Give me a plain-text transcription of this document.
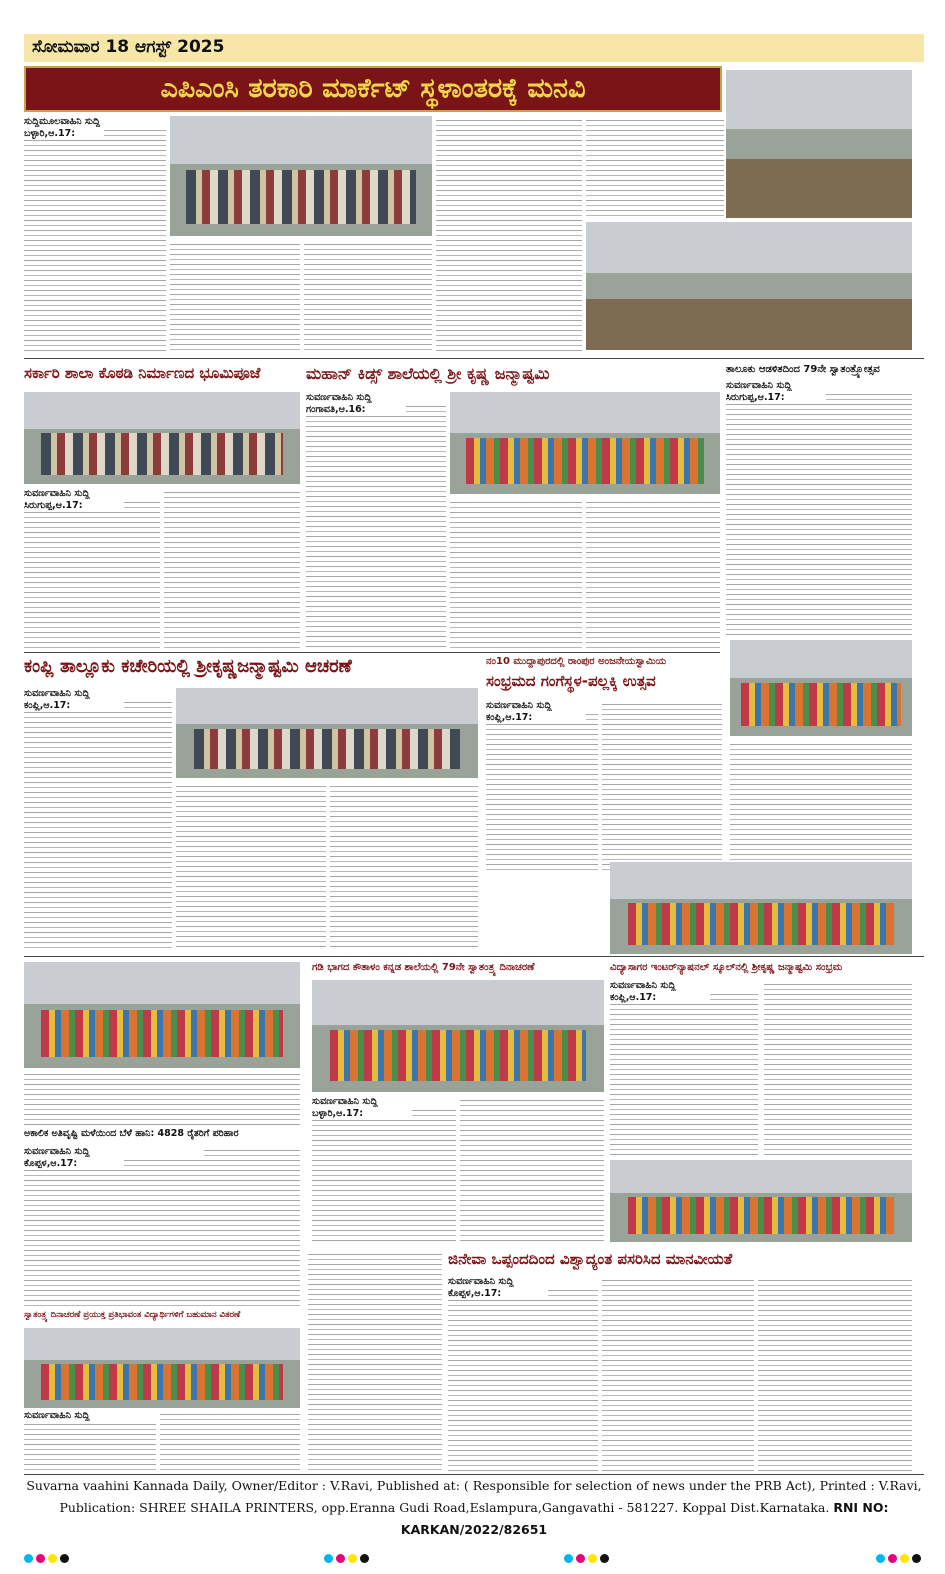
ಸೋಮವಾರ 18 ಆಗಸ್ಟ್ 2025
ಎಪಿಎಂಸಿ ತರಕಾರಿ ಮಾರ್ಕೆಟ್ ಸ್ಥಳಾಂತರಕ್ಕೆ ಮನವಿ
ಸುದ್ದಿಮೂಲವಾಹಿನಿ ಸುದ್ದಿ
ಬಳ್ಳಾರಿ,ಆ.17:
ಸರ್ಕಾರಿ ಶಾಲಾ ಕೊಠಡಿ ನಿರ್ಮಾಣದ ಭೂಮಿಪೂಜೆ
ಸುವರ್ಣವಾಹಿನಿ ಸುದ್ದಿ
ಸಿರುಗುಪ್ಪ,ಆ.17:
ಮಹಾನ್ ಕಿಡ್ಸ್ ಶಾಲೆಯಲ್ಲಿ ಶ್ರೀ ಕೃಷ್ಣ ಜನ್ಮಾಷ್ಟಮಿ
ಸುವರ್ಣವಾಹಿನಿ ಸುದ್ದಿ
ಗಂಗಾವತಿ,ಆ.16:
ತಾಲೂಕು ಆಡಳಿತದಿಂದ 79ನೇ ಸ್ವಾತಂತ್ರ್ಯೋತ್ಸವ
ಸುವರ್ಣವಾಹಿನಿ ಸುದ್ದಿ
ಸಿರುಗುಪ್ಪ,ಆ.17:
ಕಂಪ್ಲಿ ತಾಲ್ಲೂಕು ಕಚೇರಿಯಲ್ಲಿ ಶ್ರೀಕೃಷ್ಣಜನ್ಮಾಷ್ಟಮಿ ಆಚರಣೆ
ಸುವರ್ಣವಾಹಿನಿ ಸುದ್ದಿ
ಕಂಪ್ಲಿ,ಆ.17:
ನಂ10 ಮುದ್ದಾಪುರದಲ್ಲಿ ರಾಂಪುರ ಅಂಜನೇಯಸ್ವಾಮಿಯ
ಸಂಭ್ರಮದ ಗಂಗೆಸ್ಥಳ-ಪಲ್ಲಕ್ಕಿ ಉತ್ಸವ
ಸುವರ್ಣವಾಹಿನಿ ಸುದ್ದಿ
ಕಂಪ್ಲಿ,ಆ.17:
ಗಡಿ ಭಾಗದ ಕೌತಾಳಂ ಕನ್ನಡ ಶಾಲೆಯಲ್ಲಿ 79ನೇ ಸ್ವಾತಂತ್ರ್ಯ ದಿನಾಚರಣೆ
ಸುವರ್ಣವಾಹಿನಿ ಸುದ್ದಿ
ಬಳ್ಳಾರಿ,ಆ.17:
ವಿದ್ಯಾಸಾಗರ ಇಂಟರ್‌ನ್ಯಾಷನಲ್ ಸ್ಕೂಲ್‌ನಲ್ಲಿ ಶ್ರೀಕೃಷ್ಣ ಜನ್ಮಾಷ್ಟಮಿ ಸಂಭ್ರಮ
ಸುವರ್ಣವಾಹಿನಿ ಸುದ್ದಿ
ಕಂಪ್ಲಿ,ಆ.17:
ಅಕಾಲಿಕ ಅತಿವೃಷ್ಟಿ ಮಳೆಯಿಂದ ಬೆಳೆ ಹಾನಿ: 4828 ರೈತರಿಗೆ ಪರಿಹಾರ
ಸುವರ್ಣವಾಹಿನಿ ಸುದ್ದಿ
ಕೊಪ್ಪಳ,ಆ.17:
ಸ್ವಾತಂತ್ರ್ಯ ದಿನಾಚರಣೆ ಪ್ರಯುಕ್ತ ಪ್ರತಿಭಾವಂತ ವಿದ್ಯಾರ್ಥಿಗಳಿಗೆ ಬಹುಮಾನ ವಿತರಣೆ
ಸುವರ್ಣವಾಹಿನಿ ಸುದ್ದಿ
ಜಿನೇವಾ ಒಪ್ಪಂದದಿಂದ ವಿಶ್ವಾದ್ಯಂತ ಪಸರಿಸಿದ ಮಾನವೀಯತೆ
ಸುವರ್ಣವಾಹಿನಿ ಸುದ್ದಿ
ಕೊಪ್ಪಳ,ಆ.17:
Suvarna vaahini Kannada Daily, Owner/Editor : V.Ravi, Published at: ( Responsible for selection of news under the PRB Act), Printed : V.Ravi,
Publication: SHREE SHAILA PRINTERS, opp.Eranna Gudi Road,Eslampura,Gangavathi - 581227. Koppal Dist.Karnataka. RNI NO: KARKAN/2022/82651
